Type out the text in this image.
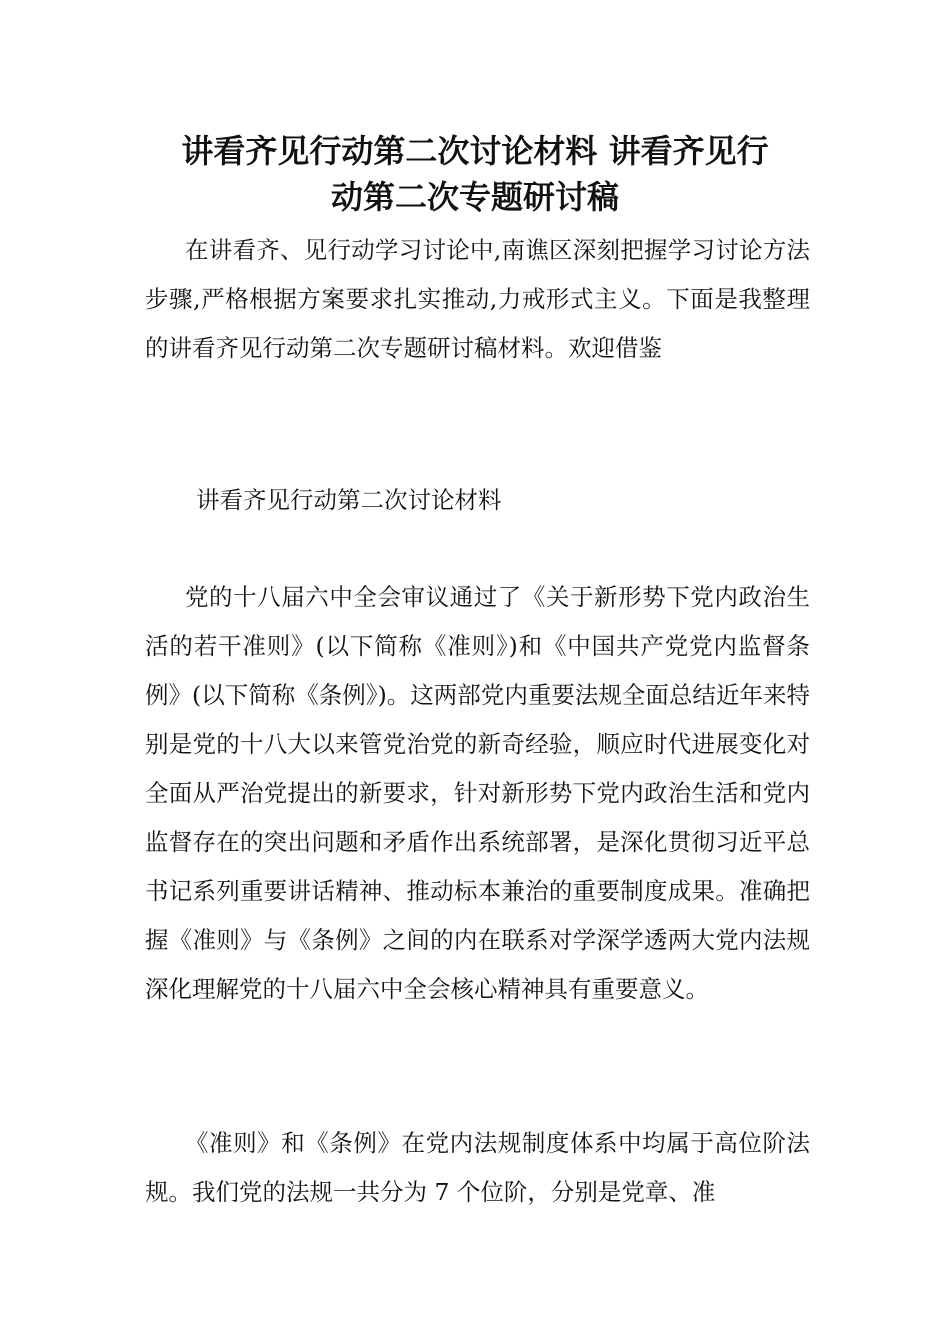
讲看齐见行动第二次讨论材料 讲看齐见行
动第二次专题研讨稿

在讲看齐、见行动学习讨论中,南谯区深刻把握学习讨论方法步骤,严格根据方案要求扎实推动,力戒形式主义。下面是我整理的讲看齐见行动第二次专题研讨稿材料。欢迎借鉴

讲看齐见行动第二次讨论材料

党的十八届六中全会审议通过了《关于新形势下党内政治生活的若干准则》(以下简称《准则》)和《中国共产党党内监督条例》(以下简称《条例》)。这两部党内重要法规全面总结近年来特别是党的十八大以来管党治党的新奇经验，顺应时代进展变化对全面从严治党提出的新要求，针对新形势下党内政治生活和党内监督存在的突出问题和矛盾作出系统部署，是深化贯彻习近平总书记系列重要讲话精神、推动标本兼治的重要制度成果。准确把握《准则》与《条例》之间的内在联系对学深学透两大党内法规深化理解党的十八届六中全会核心精神具有重要意义。

《准则》和《条例》在党内法规制度体系中均属于高位阶法规。我们党的法规一共分为 7 个位阶，分别是党章、准
